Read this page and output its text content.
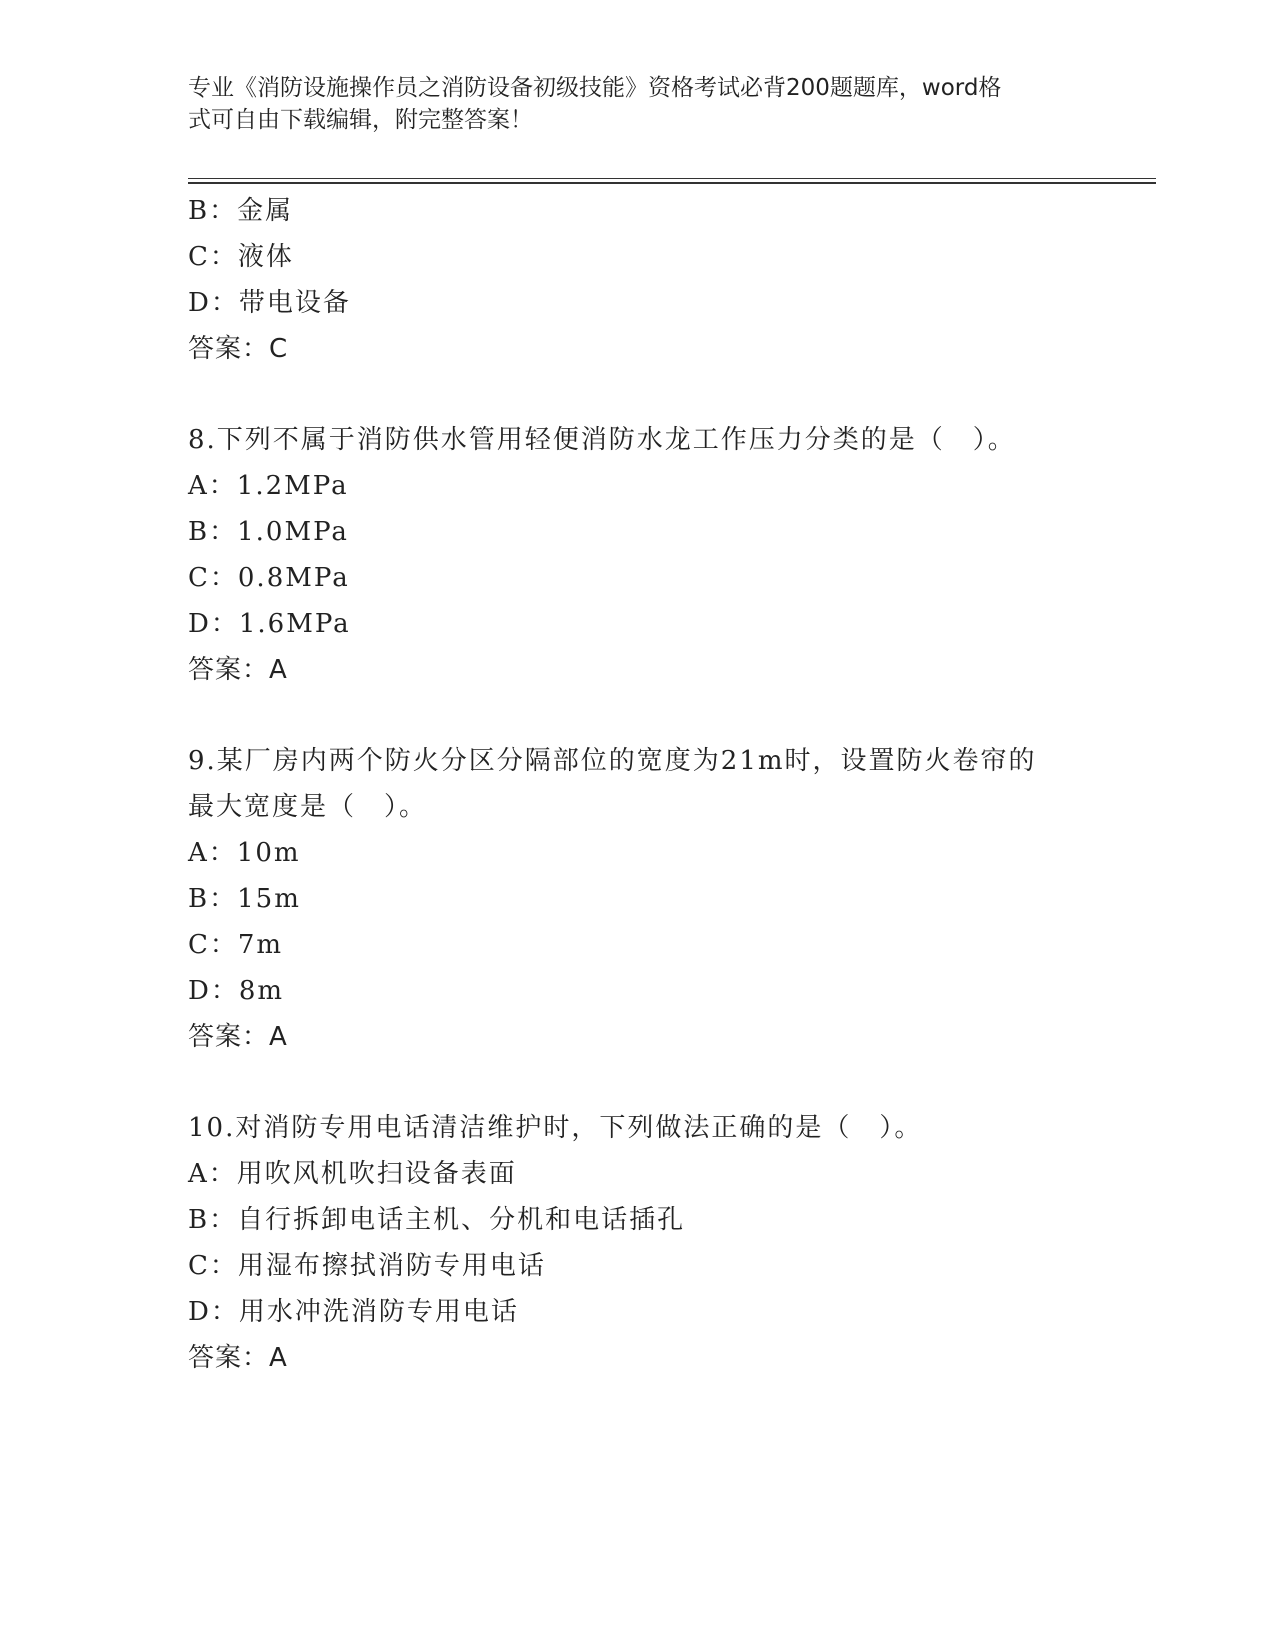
专业《消防设施操作员之消防设备初级技能》资格考试必背200题题库，word格
式可自由下载编辑，附完整答案！
B：金属
C：液体
D：带电设备
答案：C
8.下列不属于消防供水管用轻便消防水龙工作压力分类的是（　）。
A：1.2MPa
B：1.0MPa
C：0.8MPa
D：1.6MPa
答案：A
9.某厂房内两个防火分区分隔部位的宽度为21m时，设置防火卷帘的
最大宽度是（　）。
A：10m
B：15m
C：7m
D：8m
答案：A
10.对消防专用电话清洁维护时，下列做法正确的是（　）。
A：用吹风机吹扫设备表面
B：自行拆卸电话主机、分机和电话插孔
C：用湿布擦拭消防专用电话
D：用水冲洗消防专用电话
答案：A
